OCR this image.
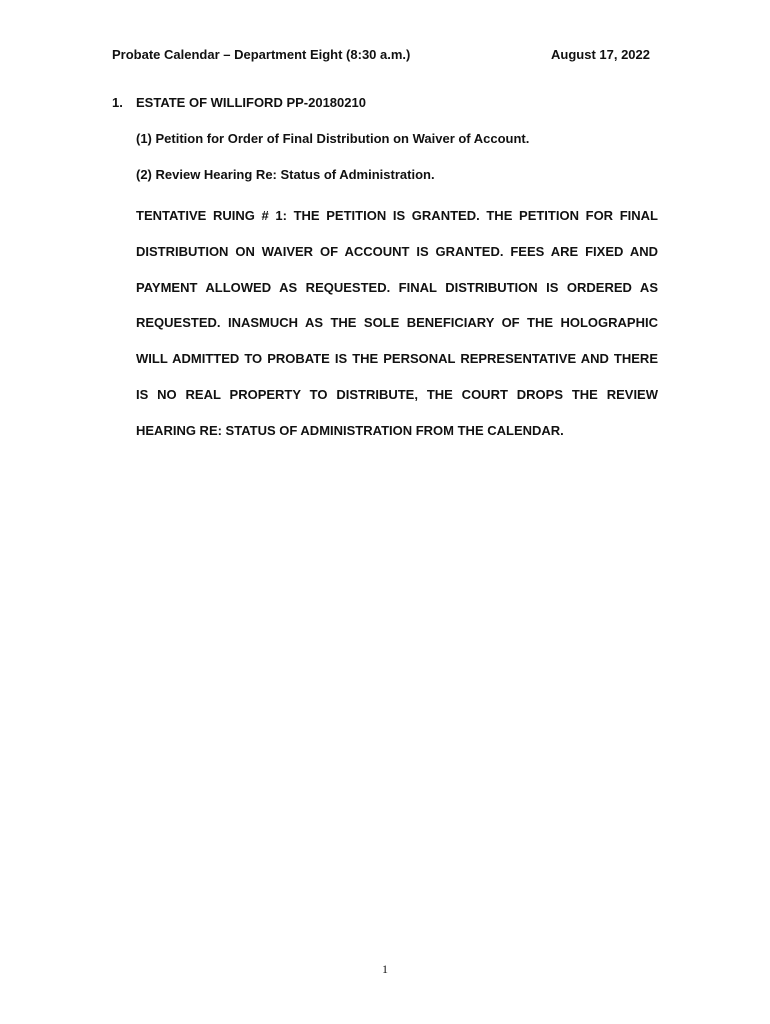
Probate Calendar – Department Eight (8:30 a.m.)	August 17, 2022
1. ESTATE OF WILLIFORD PP-20180210
(1) Petition for Order of Final Distribution on Waiver of Account.
(2) Review Hearing Re: Status of Administration.

TENTATIVE RUING # 1: THE PETITION IS GRANTED. THE PETITION FOR FINAL DISTRIBUTION ON WAIVER OF ACCOUNT IS GRANTED. FEES ARE FIXED AND PAYMENT ALLOWED AS REQUESTED. FINAL DISTRIBUTION IS ORDERED AS REQUESTED. INASMUCH AS THE SOLE BENEFICIARY OF THE HOLOGRAPHIC WILL ADMITTED TO PROBATE IS THE PERSONAL REPRESENTATIVE AND THERE IS NO REAL PROPERTY TO DISTRIBUTE, THE COURT DROPS THE REVIEW HEARING RE: STATUS OF ADMINISTRATION FROM THE CALENDAR.

1
